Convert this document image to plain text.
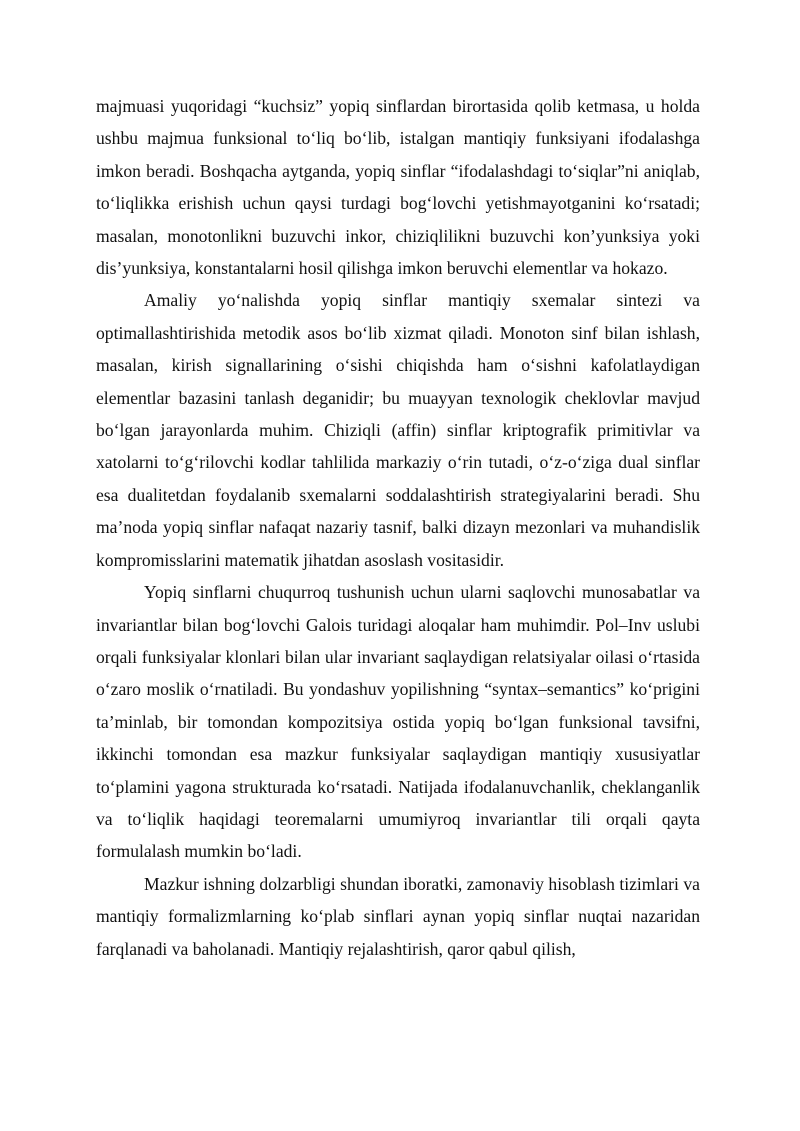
majmuasi yuqoridagi “kuchsiz” yopiq sinflardan birortasida qolib ketmasa, u holda ushbu majmua funksional to‘liq bo‘lib, istalgan mantiqiy funksiyani ifodalashga imkon beradi. Boshqacha aytganda, yopiq sinflar “ifodalashdagi to‘siqlar”ni aniqlab, to‘liqlikka erishish uchun qaysi turdagi bog‘lovchi yetishmayotganini ko‘rsatadi; masalan, monotonlikni buzuvchi inkor, chiziqlilikni buzuvchi kon’yunksiya yoki dis’yunksiya, konstantalarni hosil qilishga imkon beruvchi elementlar va hokazo.

Amaliy yo‘nalishda yopiq sinflar mantiqiy sxemalar sintezi va optimallashtirishida metodik asos bo‘lib xizmat qiladi. Monoton sinf bilan ishlash, masalan, kirish signallarining o‘sishi chiqishda ham o‘sishni kafolatlaydigan elementlar bazasini tanlash deganidir; bu muayyan texnologik cheklovlar mavjud bo‘lgan jarayonlarda muhim. Chiziqli (affin) sinflar kriptografik primitivlar va xatolarni to‘g‘rilovchi kodlar tahlilida markaziy o‘rin tutadi, o‘z-o‘ziga dual sinflar esa dualitetdan foydalanib sxemalarni soddalashtirish strategiyalarini beradi. Shu ma’noda yopiq sinflar nafaqat nazariy tasnif, balki dizayn mezonlari va muhandislik kompromisslarini matematik jihatdan asoslash vositasidir.

Yopiq sinflarni chuqurroq tushunish uchun ularni saqlovchi munosabatlar va invariantlar bilan bog‘lovchi Galois turidagi aloqalar ham muhimdir. Pol–Inv uslubi orqali funksiyalar klonlari bilan ular invariant saqlaydigan relatsiyalar oilasi o‘rtasida o‘zaro moslik o‘rnatiladi. Bu yondashuv yopilishning “syntax–semantics” ko‘prigini ta’minlab, bir tomondan kompozitsiya ostida yopiq bo‘lgan funksional tavsifni, ikkinchi tomondan esa mazkur funksiyalar saqlaydigan mantiqiy xususiyatlar to‘plamini yagona strukturada ko‘rsatadi. Natijada ifodalanuvchanlik, cheklanganlik va to‘liqlik haqidagi teoremalarni umumiyroq invariantlar tili orqali qayta formulalash mumkin bo‘ladi.

Mazkur ishning dolzarbligi shundan iboratki, zamonaviy hisoblash tizimlari va mantiqiy formalizmlarning ko‘plab sinflari aynan yopiq sinflar nuqtai nazaridan farqlanadi va baholanadi. Mantiqiy rejalashtirish, qaror qabul qilish,
